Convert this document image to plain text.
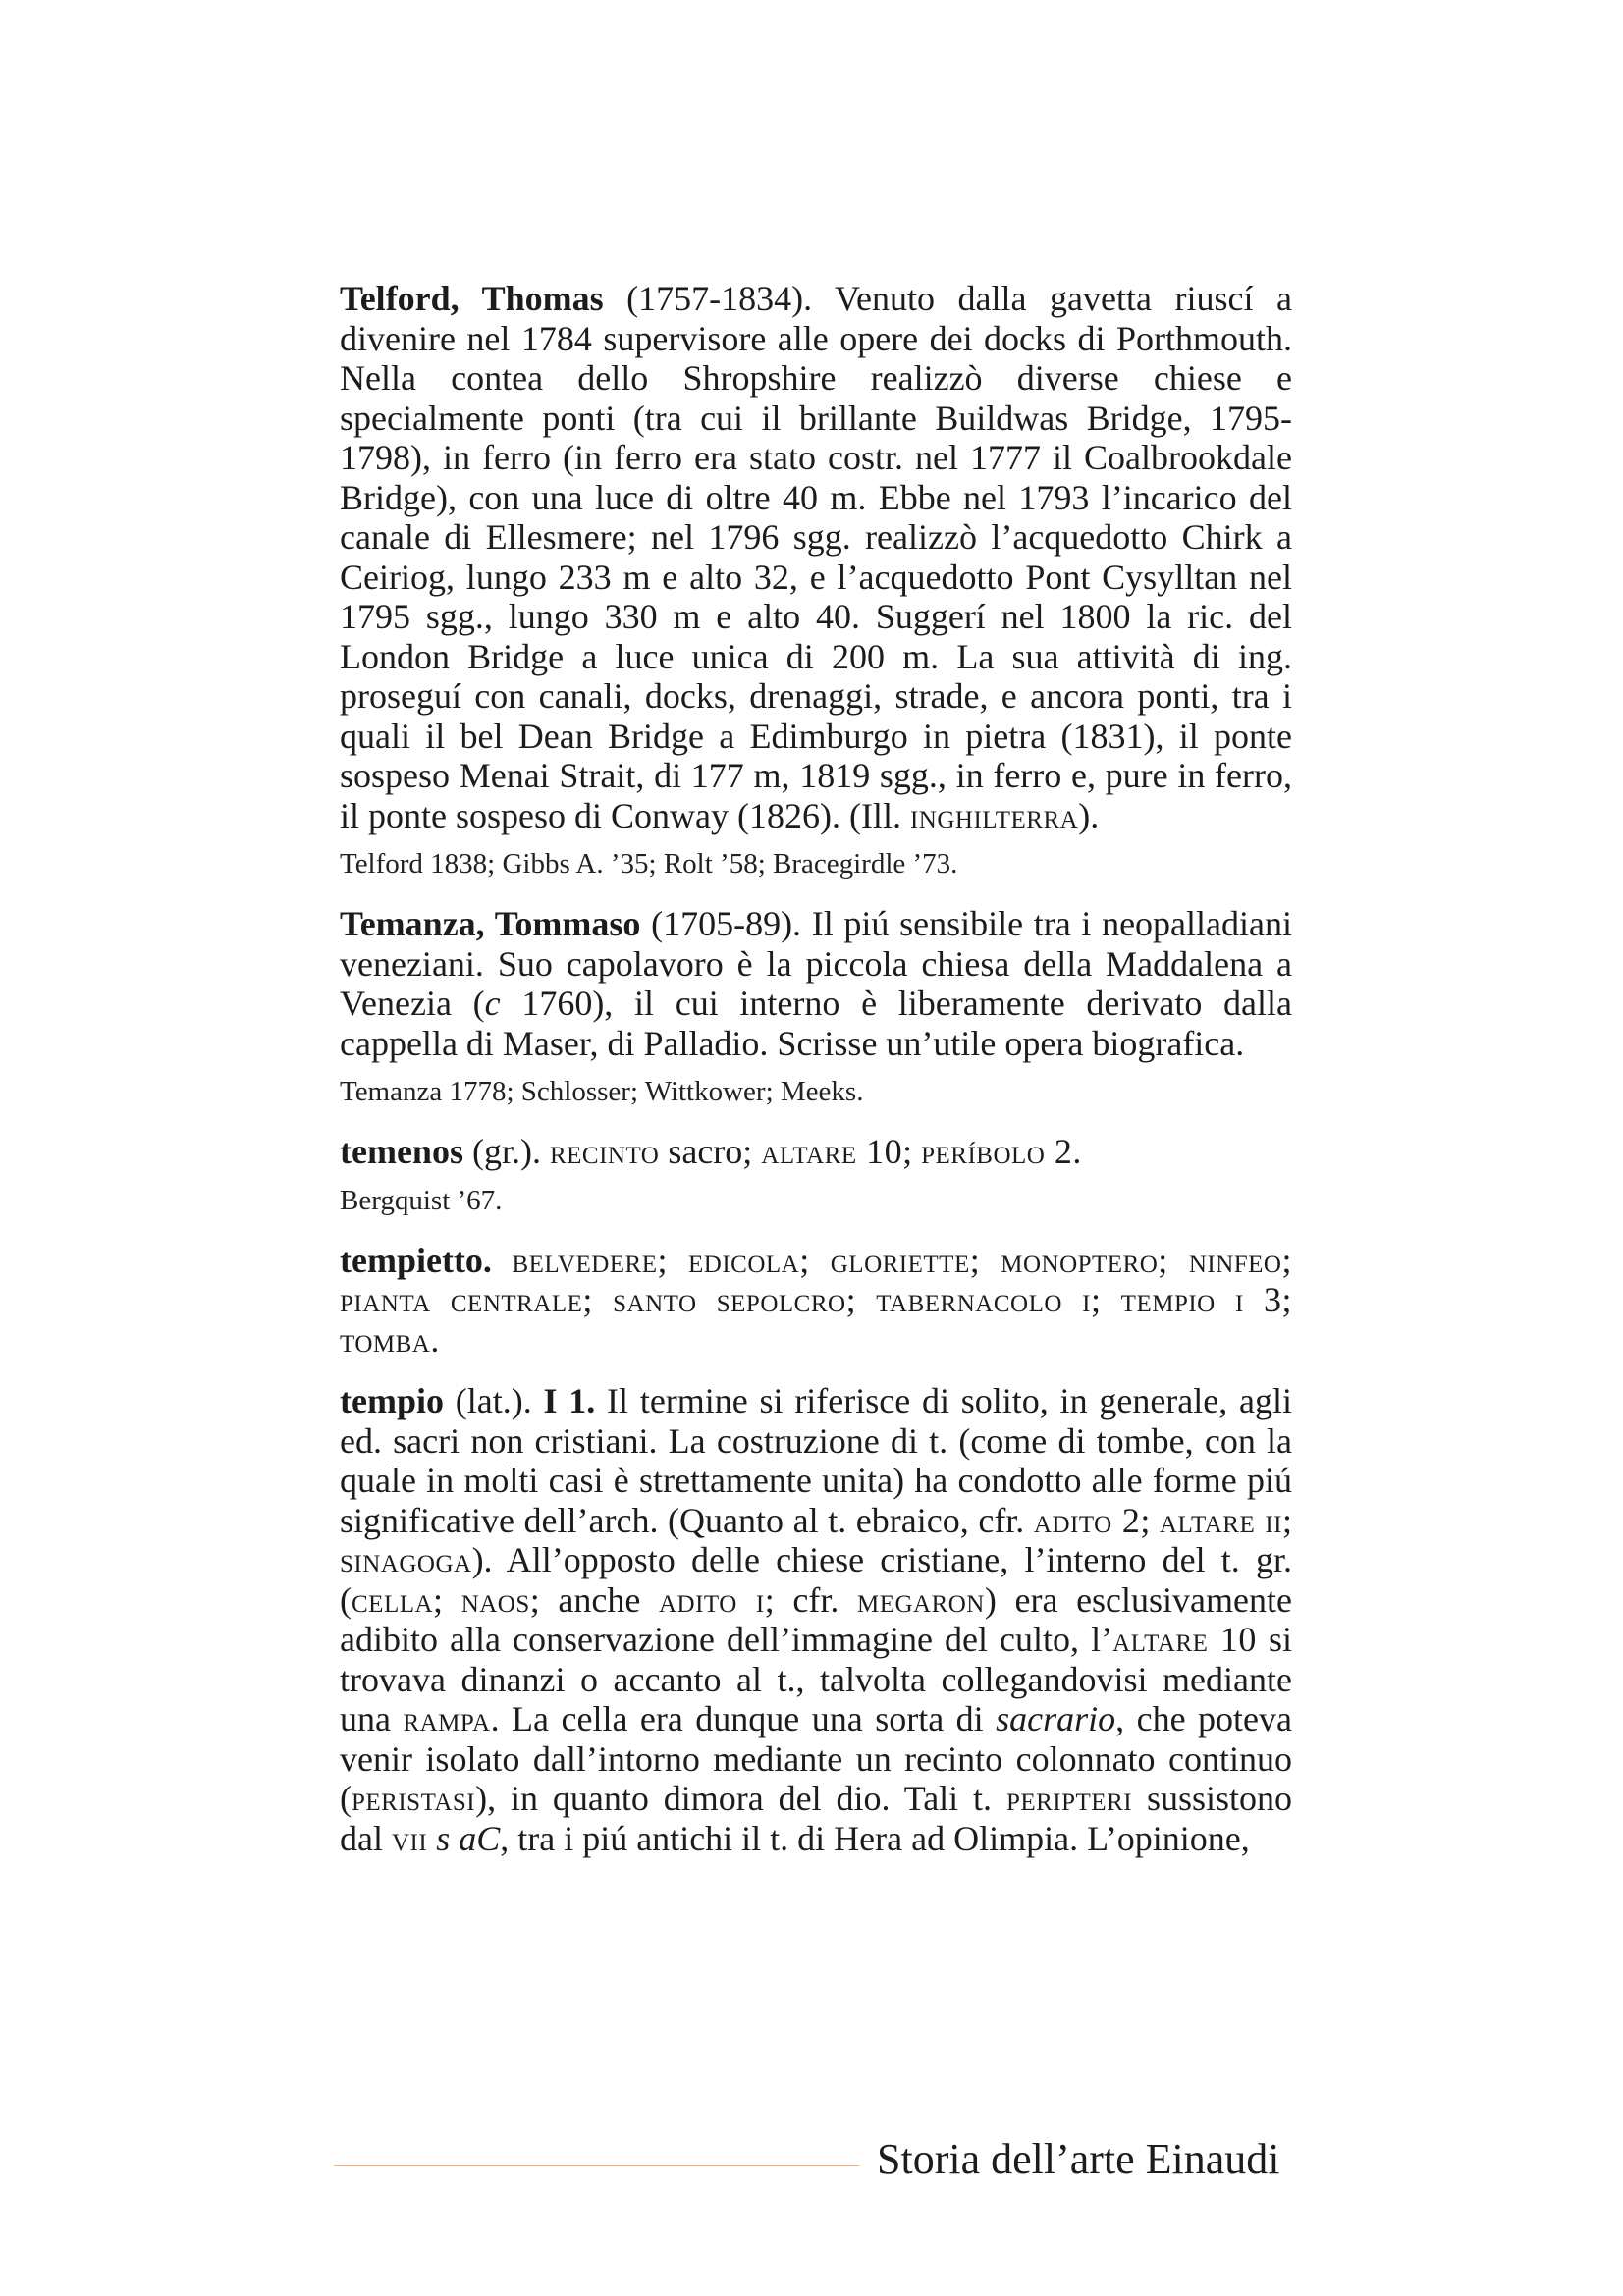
Telford, Thomas (1757-1834). Venuto dalla gavetta riuscí a divenire nel 1784 supervisore alle opere dei docks di Porthmouth. Nella contea dello Shropshire realizzò diverse chiese e specialmente ponti (tra cui il brillante Buildwas Bridge, 1795-1798), in ferro (in ferro era stato costr. nel 1777 il Coalbrookdale Bridge), con una luce di oltre 40 m. Ebbe nel 1793 l’incarico del canale di Ellesmere; nel 1796 sgg. realizzò l’acquedotto Chirk a Ceiriog, lungo 233 m e alto 32, e l’acquedotto Pont Cysylltan nel 1795 sgg., lungo 330 m e alto 40. Suggerí nel 1800 la ric. del London Bridge a luce unica di 200 m. La sua attività di ing. proseguí con canali, docks, drenaggi, strade, e ancora ponti, tra i quali il bel Dean Bridge a Edimburgo in pietra (1831), il ponte sospeso Menai Strait, di 177 m, 1819 sgg., in ferro e, pure in ferro, il ponte sospeso di Conway (1826). (Ill. inghilterra).

Telford 1838; Gibbs A. ’35; Rolt ’58; Bracegirdle ’73.

Temanza, Tommaso (1705-89). Il piú sensibile tra i neopalladiani veneziani. Suo capolavoro è la piccola chiesa della Maddalena a Venezia (c 1760), il cui interno è liberamente derivato dalla cappella di Maser, di Palladio. Scrisse un’utile opera biografica.

Temanza 1778; Schlosser; Wittkower; Meeks.

temenos (gr.). recinto sacro; altare 10; períbolo 2.

Bergquist ’67.

tempietto. belvedere; edicola; gloriette; monoptero; ninfeo; pianta centrale; santo sepolcro; tabernacolo i; tempio i 3; tomba.

tempio (lat.). I 1. Il termine si riferisce di solito, in generale, agli ed. sacri non cristiani. La costruzione di t. (come di tombe, con la quale in molti casi è strettamente unita) ha condotto alle forme piú significative dell’arch. (Quanto al t. ebraico, cfr. adito 2; altare ii; sinagoga). All’opposto delle chiese cristiane, l’interno del t. gr. (cella; naos; anche adito i; cfr. megaron) era esclusivamente adibito alla conservazione dell’immagine del culto, l’altare 10 si trovava dinanzi o accanto al t., talvolta collegandovisi mediante una rampa. La cella era dunque una sorta di sacrario, che poteva venir isolato dall’intorno mediante un recinto colonnato continuo (peristasi), in quanto dimora del dio. Tali t. peripteri sussistono dal vii s aC, tra i piú antichi il t. di Hera ad Olimpia. L’opinione,

Storia dell’arte Einaudi
